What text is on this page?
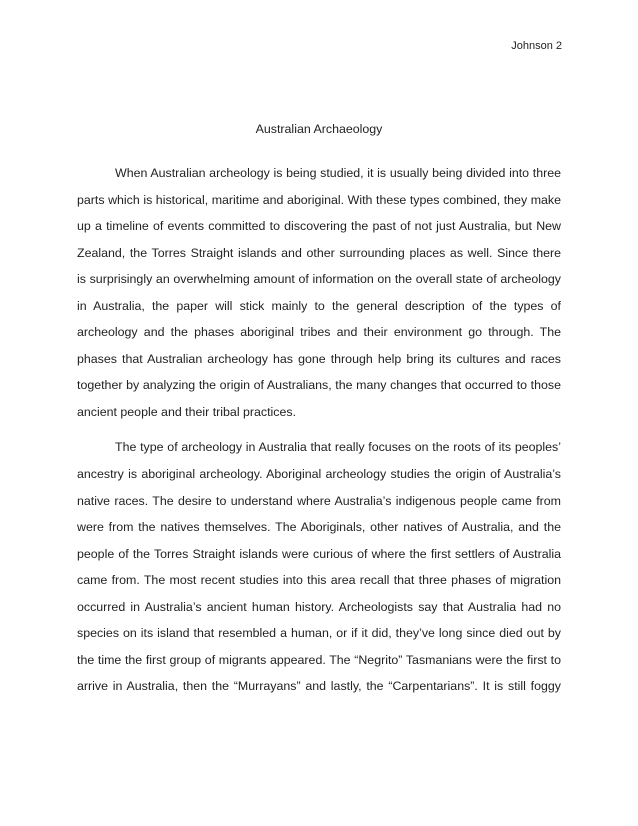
Johnson 2
Australian Archaeology
When Australian archeology is being studied, it is usually being divided into three
parts which is historical, maritime and aboriginal. With these types combined, they make
up a timeline of events committed to discovering the past of not just Australia, but New
Zealand, the Torres Straight islands and other surrounding places as well. Since there
is surprisingly an overwhelming amount of information on the overall state of archeology
in Australia, the paper will stick mainly to the general description of the types of
archeology and the phases aboriginal tribes and their environment go through. The
phases that Australian archeology has gone through help bring its cultures and races
together by analyzing the origin of Australians, the many changes that occurred to those
ancient people and their tribal practices.
The type of archeology in Australia that really focuses on the roots of its peoples’
ancestry is aboriginal archeology. Aboriginal archeology studies the origin of Australia’s
native races. The desire to understand where Australia’s indigenous people came from
were from the natives themselves. The Aboriginals, other natives of Australia, and the
people of the Torres Straight islands were curious of where the first settlers of Australia
came from. The most recent studies into this area recall that three phases of migration
occurred in Australia’s ancient human history. Archeologists say that Australia had no
species on its island that resembled a human, or if it did, they’ve long since died out by
the time the first group of migrants appeared. The “Negrito” Tasmanians were the first to
arrive in Australia, then the “Murrayans” and lastly, the “Carpentarians”. It is still foggy
